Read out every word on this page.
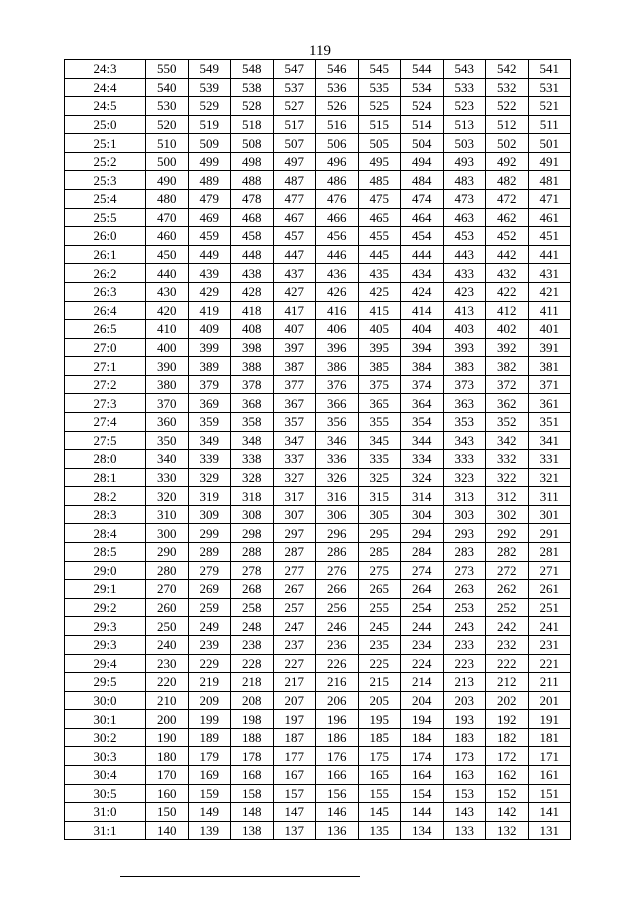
119
24:3	550	549	548	547	546	545	544	543	542	541
24:4	540	539	538	537	536	535	534	533	532	531
24:5	530	529	528	527	526	525	524	523	522	521
25:0	520	519	518	517	516	515	514	513	512	511
25:1	510	509	508	507	506	505	504	503	502	501
25:2	500	499	498	497	496	495	494	493	492	491
25:3	490	489	488	487	486	485	484	483	482	481
25:4	480	479	478	477	476	475	474	473	472	471
25:5	470	469	468	467	466	465	464	463	462	461
26:0	460	459	458	457	456	455	454	453	452	451
26:1	450	449	448	447	446	445	444	443	442	441
26:2	440	439	438	437	436	435	434	433	432	431
26:3	430	429	428	427	426	425	424	423	422	421
26:4	420	419	418	417	416	415	414	413	412	411
26:5	410	409	408	407	406	405	404	403	402	401
27:0	400	399	398	397	396	395	394	393	392	391
27:1	390	389	388	387	386	385	384	383	382	381
27:2	380	379	378	377	376	375	374	373	372	371
27:3	370	369	368	367	366	365	364	363	362	361
27:4	360	359	358	357	356	355	354	353	352	351
27:5	350	349	348	347	346	345	344	343	342	341
28:0	340	339	338	337	336	335	334	333	332	331
28:1	330	329	328	327	326	325	324	323	322	321
28:2	320	319	318	317	316	315	314	313	312	311
28:3	310	309	308	307	306	305	304	303	302	301
28:4	300	299	298	297	296	295	294	293	292	291
28:5	290	289	288	287	286	285	284	283	282	281
29:0	280	279	278	277	276	275	274	273	272	271
29:1	270	269	268	267	266	265	264	263	262	261
29:2	260	259	258	257	256	255	254	253	252	251
29:3	250	249	248	247	246	245	244	243	242	241
29:3	240	239	238	237	236	235	234	233	232	231
29:4	230	229	228	227	226	225	224	223	222	221
29:5	220	219	218	217	216	215	214	213	212	211
30:0	210	209	208	207	206	205	204	203	202	201
30:1	200	199	198	197	196	195	194	193	192	191
30:2	190	189	188	187	186	185	184	183	182	181
30:3	180	179	178	177	176	175	174	173	172	171
30:4	170	169	168	167	166	165	164	163	162	161
30:5	160	159	158	157	156	155	154	153	152	151
31:0	150	149	148	147	146	145	144	143	142	141
31:1	140	139	138	137	136	135	134	133	132	131
